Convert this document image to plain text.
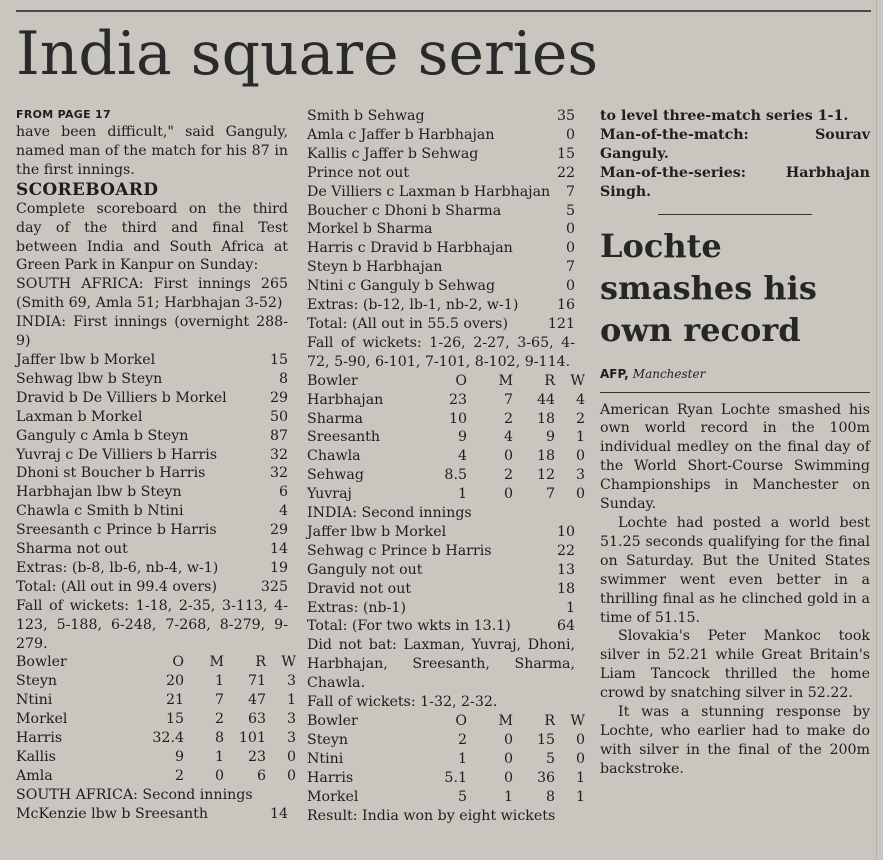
India square series
FROM PAGE 17
have been difficult," said Ganguly, named man of the match for his 87 in the first innings.
SCOREBOARD
Complete scoreboard on the third day of the third and final Test between India and South Africa at Green Park in Kanpur on Sunday:
SOUTH AFRICA: First innings 265 (Smith 69, Amla 51; Harbhajan 3-52)
INDIA: First innings (overnight 288-9)
Jaffer lbw b Morkel	15
Sehwag lbw b Steyn	8
Dravid b De Villiers b Morkel	29
Laxman b Morkel	50
Ganguly c Amla b Steyn	87
Yuvraj c De Villiers b Harris	32
Dhoni st Boucher b Harris	32
Harbhajan lbw b Steyn	6
Chawla c Smith b Ntini	4
Sreesanth c Prince b Harris	29
Sharma not out	14
Extras: (b-8, lb-6, nb-4, w-1)	19
Total: (All out in 99.4 overs)	325
Fall of wickets: 1-18, 2-35, 3-113, 4-123, 5-188, 6-248, 7-268, 8-279, 9-279.
Bowler	O	M	R	W
Steyn	20	1	71	3
Ntini	21	7	47	1
Morkel	15	2	63	3
Harris	32.4	8	101	3
Kallis	9	1	23	0
Amla	2	0	6	0
SOUTH AFRICA: Second innings
McKenzie lbw b Sreesanth	14
Smith b Sehwag	35
Amla c Jaffer b Harbhajan	0
Kallis c Jaffer b Sehwag	15
Prince not out	22
De Villiers c Laxman b Harbhajan 7
Boucher c Dhoni b Sharma	5
Morkel b Sharma	0
Harris c Dravid b Harbhajan	0
Steyn b Harbhajan	7
Ntini c Ganguly b Sehwag	0
Extras: (b-12, lb-1, nb-2, w-1)	16
Total: (All out in 55.5 overs)	121
Fall of wickets: 1-26, 2-27, 3-65, 4-72, 5-90, 6-101, 7-101, 8-102, 9-114.
Bowler	O	M	R	W
Harbhajan	23	7	44	4
Sharma	10	2	18	2
Sreesanth	9	4	9	1
Chawla	4	0	18	0
Sehwag	8.5	2	12	3
Yuvraj	1	0	7	0
INDIA: Second innings
Jaffer lbw b Morkel	10
Sehwag c Prince b Harris	22
Ganguly not out	13
Dravid not out	18
Extras: (nb-1)	1
Total: (For two wkts in 13.1)	64
Did not bat: Laxman, Yuvraj, Dhoni, Harbhajan, Sreesanth, Sharma, Chawla.
Fall of wickets: 1-32, 2-32.
Bowler	O	M	R	W
Steyn	2	0	15	0
Ntini	1	0	5	0
Harris	5.1	0	36	1
Morkel	5	1	8	1
Result: India won by eight wickets
to level three-match series 1-1.
Man-of-the-match: Sourav Ganguly.
Man-of-the-series: Harbhajan Singh.
Lochte smashes his own record
AFP, Manchester
American Ryan Lochte smashed his own world record in the 100m individual medley on the final day of the World Short-Course Swimming Championships in Manchester on Sunday.
Lochte had posted a world best 51.25 seconds qualifying for the final on Saturday. But the United States swimmer went even better in a thrilling final as he clinched gold in a time of 51.15.
Slovakia's Peter Mankoc took silver in 52.21 while Great Britain's Liam Tancock thrilled the home crowd by snatching silver in 52.22.
It was a stunning response by Lochte, who earlier had to make do with silver in the final of the 200m backstroke.
